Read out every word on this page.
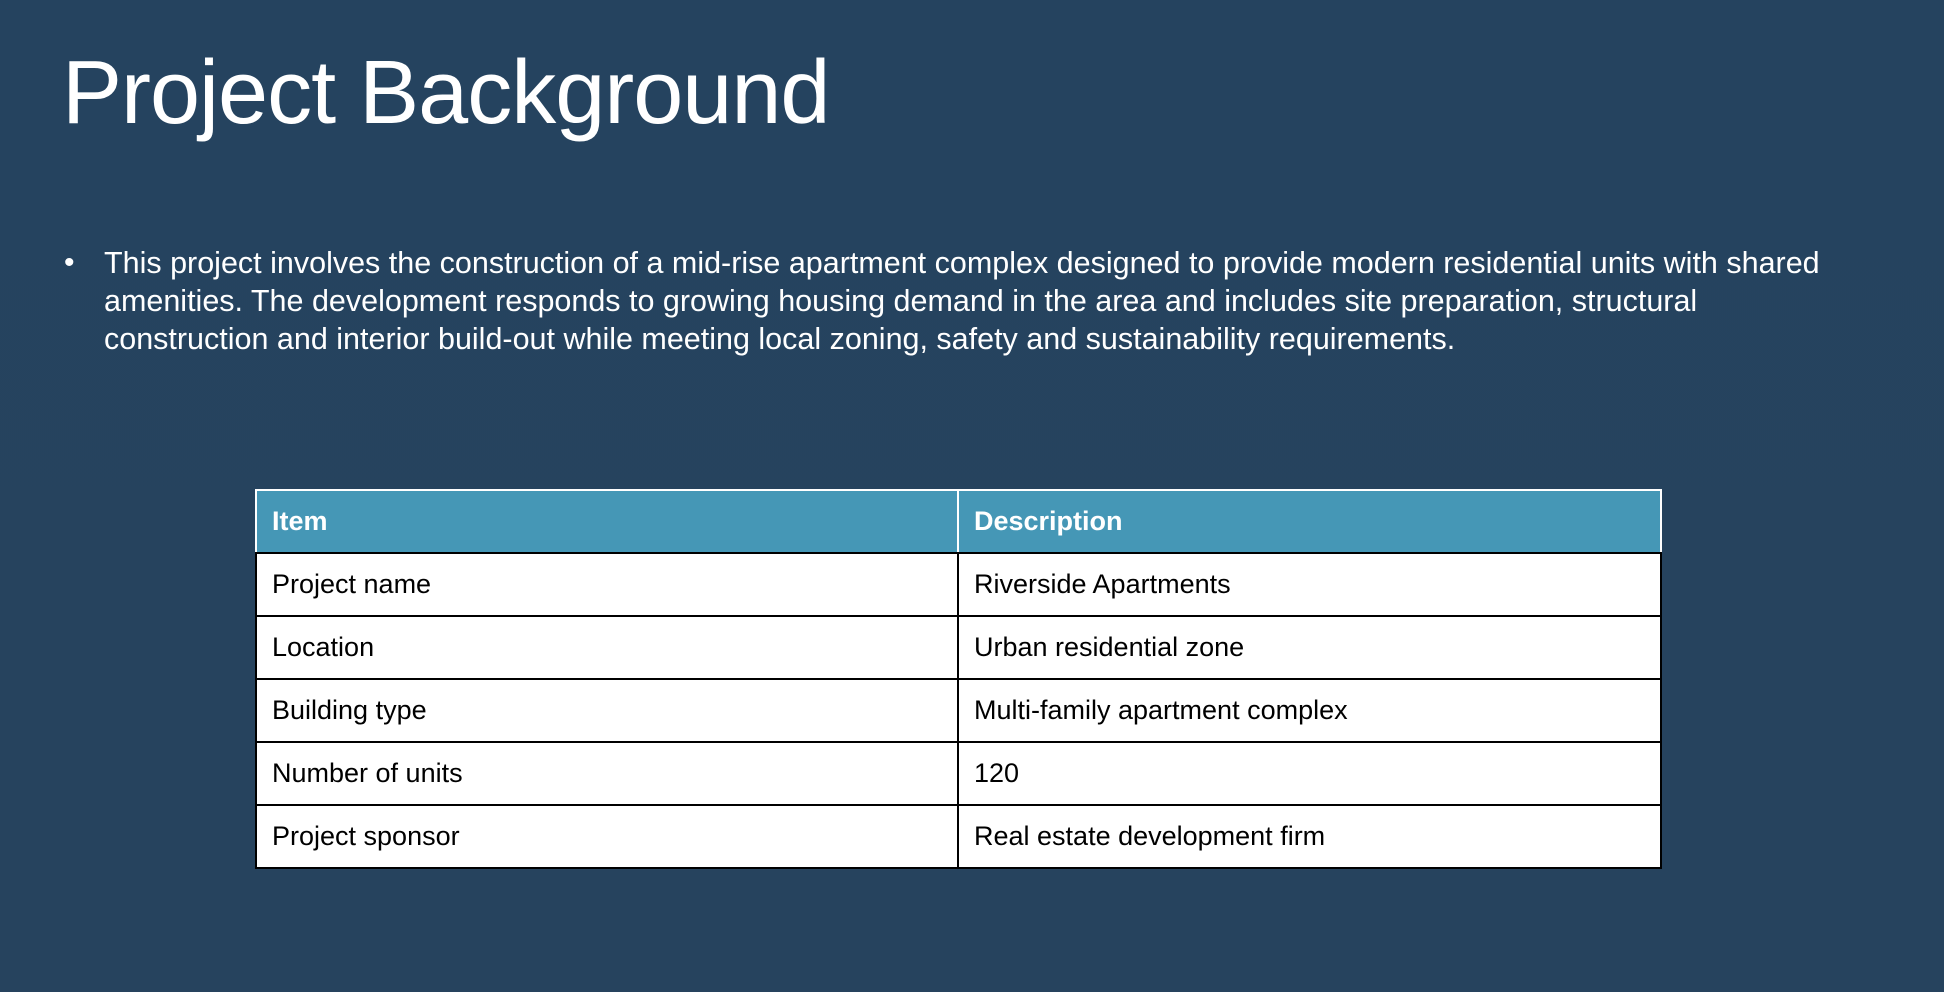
Project Background
• This project involves the construction of a mid-rise apartment complex designed to provide modern residential units with shared amenities. The development responds to growing housing demand in the area and includes site preparation, structural construction and interior build-out while meeting local zoning, safety and sustainability requirements.
Item	Description
Project name	Riverside Apartments
Location	Urban residential zone
Building type	Multi-family apartment complex
Number of units	120
Project sponsor	Real estate development firm
